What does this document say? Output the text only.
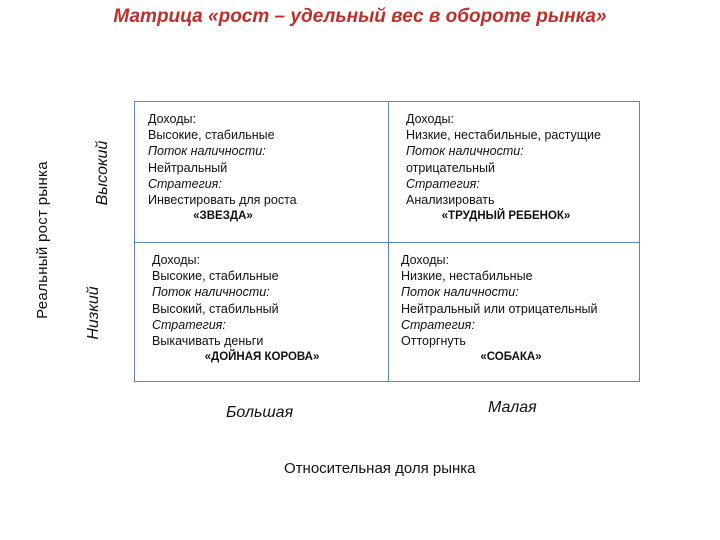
Матрица «рост – удельный вес в обороте рынка»
Реальный рост рынка	Высокий
Низкий
Доходы:
Высокие, стабильные
Поток наличности:
Нейтральный
Стратегия:
Инвестировать для роста
«ЗВЕЗДА»
Доходы:
Низкие, нестабильные, растущие
Поток наличности:
отрицательный
Стратегия:
Анализировать
«ТРУДНЫЙ РЕБЕНОК»
Доходы:
Высокие, стабильные
Поток наличности:
Высокий, стабильный
Стратегия:
Выкачивать деньги
«ДОЙНАЯ КОРОВА»
Доходы:
Низкие, нестабильные
Поток наличности:
Нейтральный или отрицательный
Стратегия:
Отторгнуть
«СОБАКА»
Большая	Малая
Относительная доля рынка
